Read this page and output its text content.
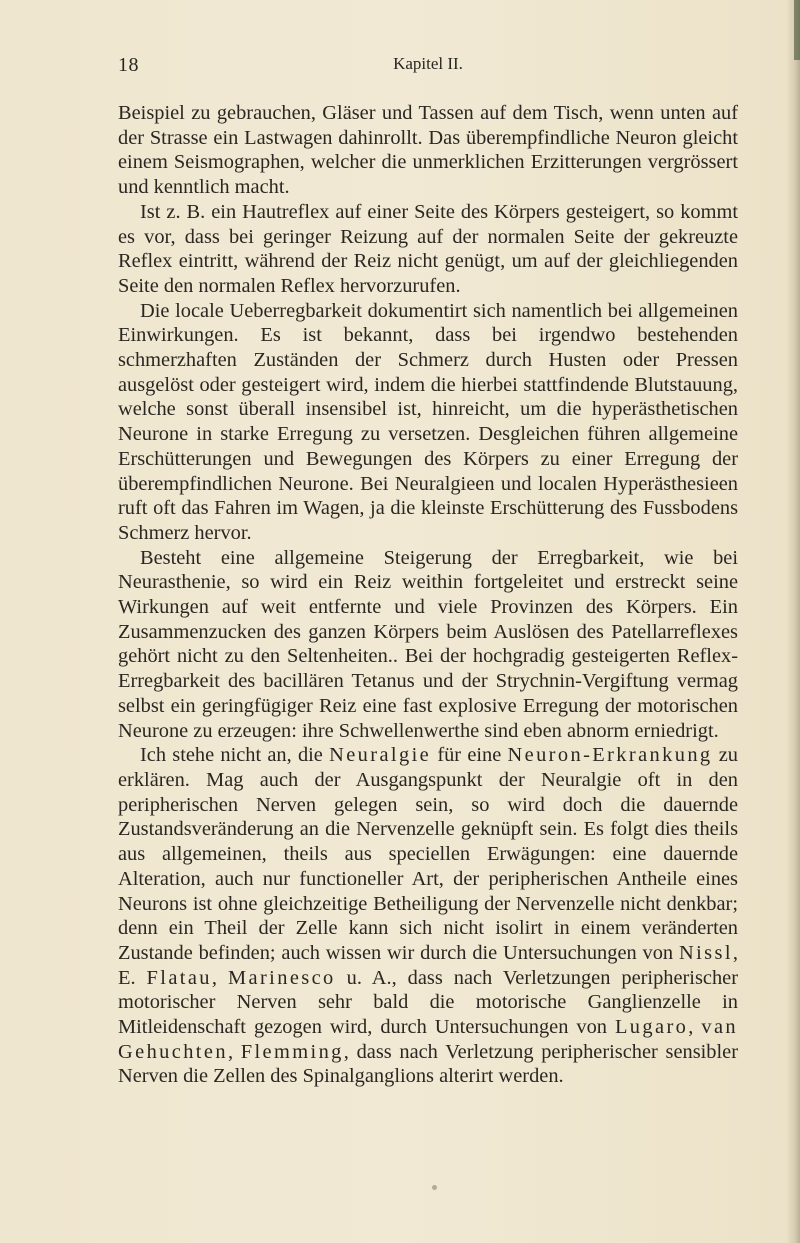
18	Kapitel II.

Beispiel zu gebrauchen, Gläser und Tassen auf dem Tisch, wenn unten auf der Strasse ein Lastwagen dahinrollt. Das überempfindliche Neuron gleicht einem Seismographen, welcher die unmerklichen Erzitterungen vergrössert und kenntlich macht.

Ist z. B. ein Hautreflex auf einer Seite des Körpers gesteigert, so kommt es vor, dass bei geringer Reizung auf der normalen Seite der gekreuzte Reflex eintritt, während der Reiz nicht genügt, um auf der gleichliegenden Seite den normalen Reflex hervorzurufen.

Die locale Ueberregbarkeit dokumentirt sich namentlich bei allgemeinen Einwirkungen. Es ist bekannt, dass bei irgendwo bestehenden schmerzhaften Zuständen der Schmerz durch Husten oder Pressen ausgelöst oder gesteigert wird, indem die hierbei stattfindende Blutstauung, welche sonst überall insensibel ist, hinreicht, um die hyperästhetischen Neurone in starke Erregung zu versetzen. Desgleichen führen allgemeine Erschütterungen und Bewegungen des Körpers zu einer Erregung der überempfindlichen Neurone. Bei Neuralgieen und localen Hyperästhesieen ruft oft das Fahren im Wagen, ja die kleinste Erschütterung des Fussbodens Schmerz hervor.

Besteht eine allgemeine Steigerung der Erregbarkeit, wie bei Neurasthenie, so wird ein Reiz weithin fortgeleitet und erstreckt seine Wirkungen auf weit entfernte und viele Provinzen des Körpers. Ein Zusammenzucken des ganzen Körpers beim Auslösen des Patellarreflexes gehört nicht zu den Seltenheiten.. Bei der hochgradig gesteigerten Reflex-Erregbarkeit des bacillären Tetanus und der Strychnin-Vergiftung vermag selbst ein geringfügiger Reiz eine fast explosive Erregung der motorischen Neurone zu erzeugen: ihre Schwellenwerthe sind eben abnorm erniedrigt.

Ich stehe nicht an, die Neuralgie für eine Neuron-Erkrankung zu erklären. Mag auch der Ausgangspunkt der Neuralgie oft in den peripherischen Nerven gelegen sein, so wird doch die dauernde Zustandsveränderung an die Nervenzelle geknüpft sein. Es folgt dies theils aus allgemeinen, theils aus speciellen Erwägungen: eine dauernde Alteration, auch nur functioneller Art, der peripherischen Antheile eines Neurons ist ohne gleichzeitige Betheiligung der Nervenzelle nicht denkbar; denn ein Theil der Zelle kann sich nicht isolirt in einem veränderten Zustande befinden; auch wissen wir durch die Untersuchungen von Nissl, E. Flatau, Marinesco u. A., dass nach Verletzungen peripherischer motorischer Nerven sehr bald die motorische Ganglienzelle in Mitleidenschaft gezogen wird, durch Untersuchungen von Lugaro, van Gehuchten, Flemming, dass nach Verletzung peripherischer sensibler Nerven die Zellen des Spinalganglions alterirt werden.
